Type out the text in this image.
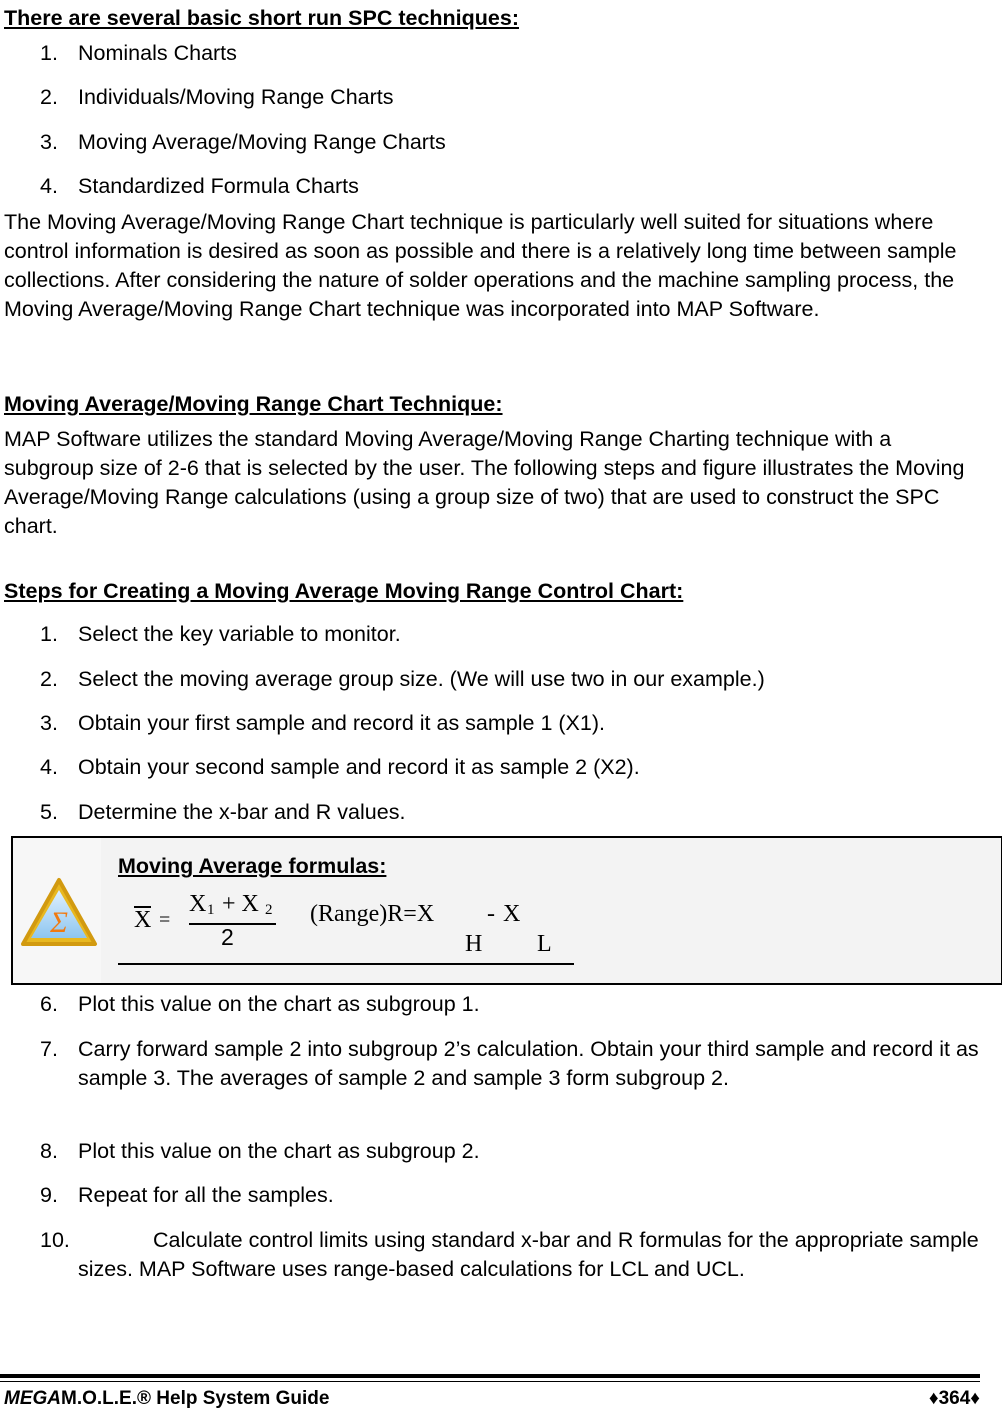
There are several basic short run SPC techniques:
1. Nominals Charts
2. Individuals/Moving Range Charts
3. Moving Average/Moving Range Charts
4. Standardized Formula Charts
The Moving Average/Moving Range Chart technique is particularly well suited for situations where control information is desired as soon as possible and there is a relatively long time between sample collections. After considering the nature of solder operations and the machine sampling process, the Moving Average/Moving Range Chart technique was incorporated into MAP Software.
Moving Average/Moving Range Chart Technique:
MAP Software utilizes the standard Moving Average/Moving Range Charting technique with a subgroup size of 2-6 that is selected by the user. The following steps and figure illustrates the Moving Average/Moving Range calculations (using a group size of two) that are used to construct the SPC chart.
Steps for Creating a Moving Average Moving Range Control Chart:
1. Select the key variable to monitor.
2. Select the moving average group size. (We will use two in our example.)
3. Obtain your first sample and record it as sample 1 (X1).
4. Obtain your second sample and record it as sample 2 (X2).
5. Determine the x-bar and R values.
Σ
Moving Average formulas:
X =
X 1 + X 2
2
(Range)R=X - X
H L
6. Plot this value on the chart as subgroup 1.
7. Carry forward sample 2 into subgroup 2’s calculation. Obtain your third sample and record it as sample 3. The averages of sample 2 and sample 3 form subgroup 2.
8. Plot this value on the chart as subgroup 2.
9. Repeat for all the samples.
10.	Calculate control limits using standard x-bar and R formulas for the appropriate sample sizes. MAP Software uses range-based calculations for LCL and UCL.
MEGAM.O.L.E.® Help System Guide	♦364♦
